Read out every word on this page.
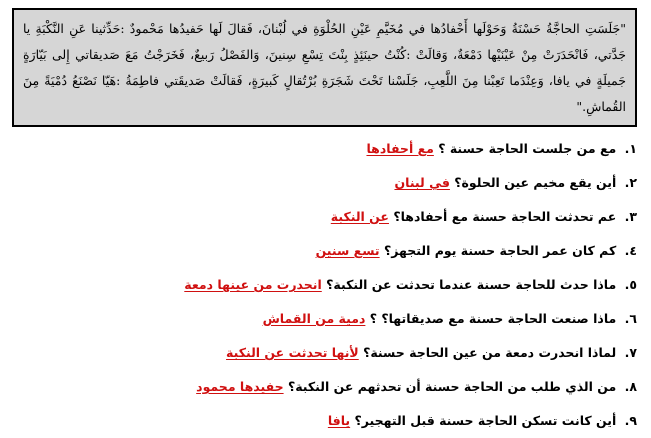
"جَلَسَتِ الحاجَّةُ حَسْنَةُ وَحَوْلَها أَحْفادُها في مُخَيَّمِ عَيْنِ الحُلْوَةِ في لُبْنانَ، فَقالَ لَها حَفيدُها مَحْمودٌ :حَدِّثينا عَنِ النَّكْبَةِ يا جَدَّتي، فَانْحَدَرَتْ مِنْ عَيْنَيْها دَمْعَةٌ، وَقالَتْ :كُنْتُ حينَئِذٍ بِنْتَ تِسْعِ سِنينَ، وَالفَصْلُ رَبيعٌ، فَخَرَجْتُ مَعَ صَديقاتي إِلى بَيّارَةٍ جَميلَةٍ في يافا، وَعِنْدَما تَعِبْنا مِنَ اللَّعِبِ، جَلَسْنا تَحْتَ شَجَرَةِ بُرْتُقالٍ كَبيرَةٍ، فَقالَتْ صَديقَتي فاطِمَةُ :هَيّا نَصْنَعُ دُمْيَةً مِنَ القُماشِ."
١. مع من جلست الحاجة حسنة ؟ مع أحفادها
٢. أين يقع مخيم عين الحلوة؟ في لبنان
٣. عم تحدثت الحاجة حسنة مع أحفادها؟ عن النكبة
٤. كم كان عمر الحاجة حسنة يوم التجهز؟ تسع سنين
٥. ماذا حدث للحاجة حسنة عندما تحدثت عن النكبة؟ انحدرت من عينها دمعة
٦. ماذا صنعت الحاجة حسنة مع صديقاتها؟ ؟ دمية من القماش
٧. لماذا انحدرت دمعة من عين الحاجة حسنة؟ لأنها تحدثت عن النكبة
٨. من الذي طلب من الحاجة حسنة أن تحدثهم عن النكبة؟ حفيدها محمود
٩. أين كانت تسكن الحاجة حسنة قبل التهجير؟ يافا
